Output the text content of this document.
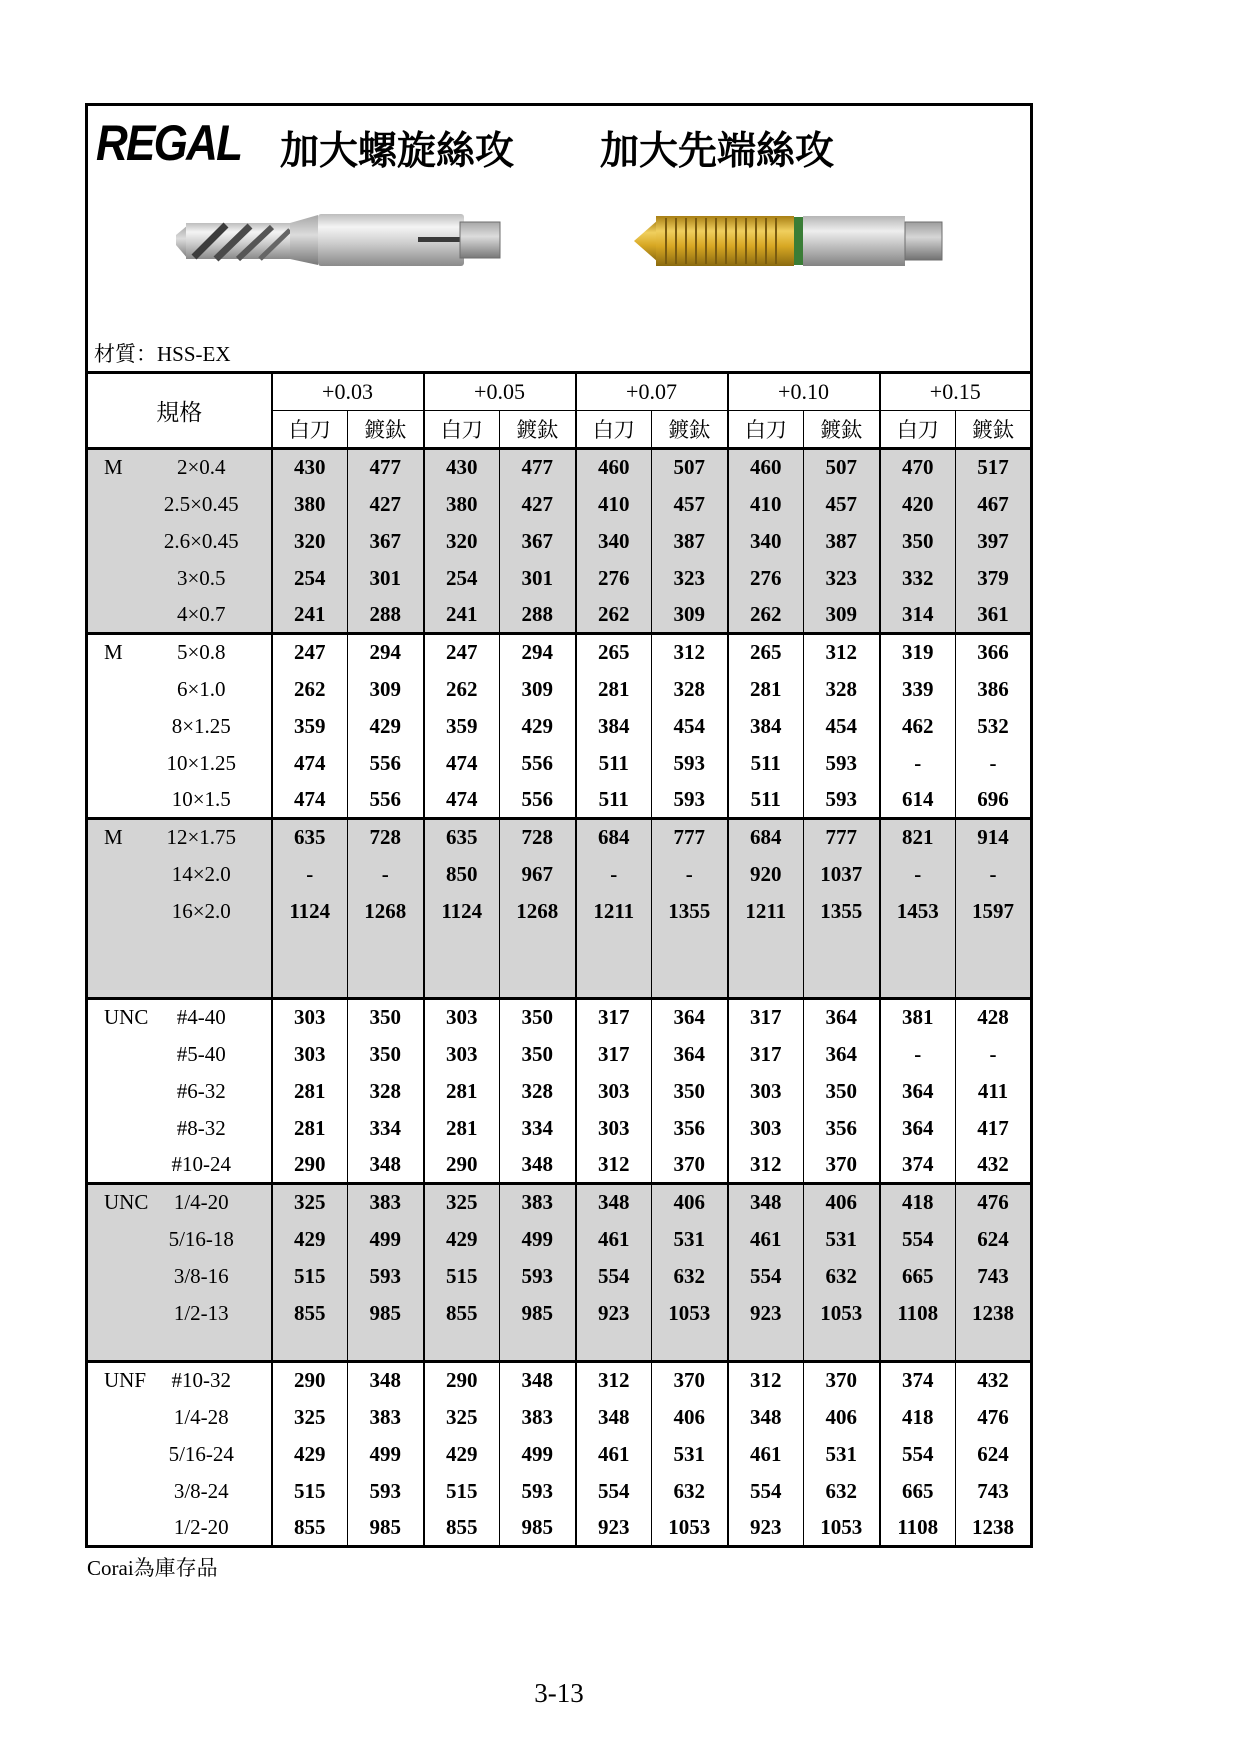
REGAL 加大螺旋絲攻 加大先端絲攻
材質：HSS-EX
規格	+0.03		+0.05		+0.07		+0.10		+0.15	
	白刀	鍍鈦	白刀	鍍鈦	白刀	鍍鈦	白刀	鍍鈦	白刀	鍍鈦

M 2×0.4	430	477	430	477	460	507	460	507	470	517

2.5×0.45	380	427	380	427	410	457	410	457	420	467

2.6×0.45	320	367	320	367	340	387	340	387	350	397

3×0.5	254	301	254	301	276	323	276	323	332	379

4×0.7	241	288	241	288	262	309	262	309	314	361

M 5×0.8	247	294	247	294	265	312	265	312	319	366

6×1.0	262	309	262	309	281	328	281	328	339	386

8×1.25	359	429	359	429	384	454	384	454	462	532

10×1.25	474	556	474	556	511	593	511	593	-	-

10×1.5	474	556	474	556	511	593	511	593	614	696

M 12×1.75	635	728	635	728	684	777	684	777	821	914

14×2.0	-	-	850	967	-	-	920	1037	-	-

16×2.0	1124	1268	1124	1268	1211	1355	1211	1355	1453	1597

UNC #4-40	303	350	303	350	317	364	317	364	381	428

#5-40	303	350	303	350	317	364	317	364	-	-

#6-32	281	328	281	328	303	350	303	350	364	411

#8-32	281	334	281	334	303	356	303	356	364	417

#10-24	290	348	290	348	312	370	312	370	374	432

UNC 1/4-20	325	383	325	383	348	406	348	406	418	476

5/16-18	429	499	429	499	461	531	461	531	554	624

3/8-16	515	593	515	593	554	632	554	632	665	743

1/2-13	855	985	855	985	923	1053	923	1053	1108	1238

UNF #10-32	290	348	290	348	312	370	312	370	374	432

1/4-28	325	383	325	383	348	406	348	406	418	476

5/16-24	429	499	429	499	461	531	461	531	554	624

3/8-24	515	593	515	593	554	632	554	632	665	743

1/2-20	855	985	855	985	923	1053	923	1053	1108	1238
Corai為庫存品
3-13
